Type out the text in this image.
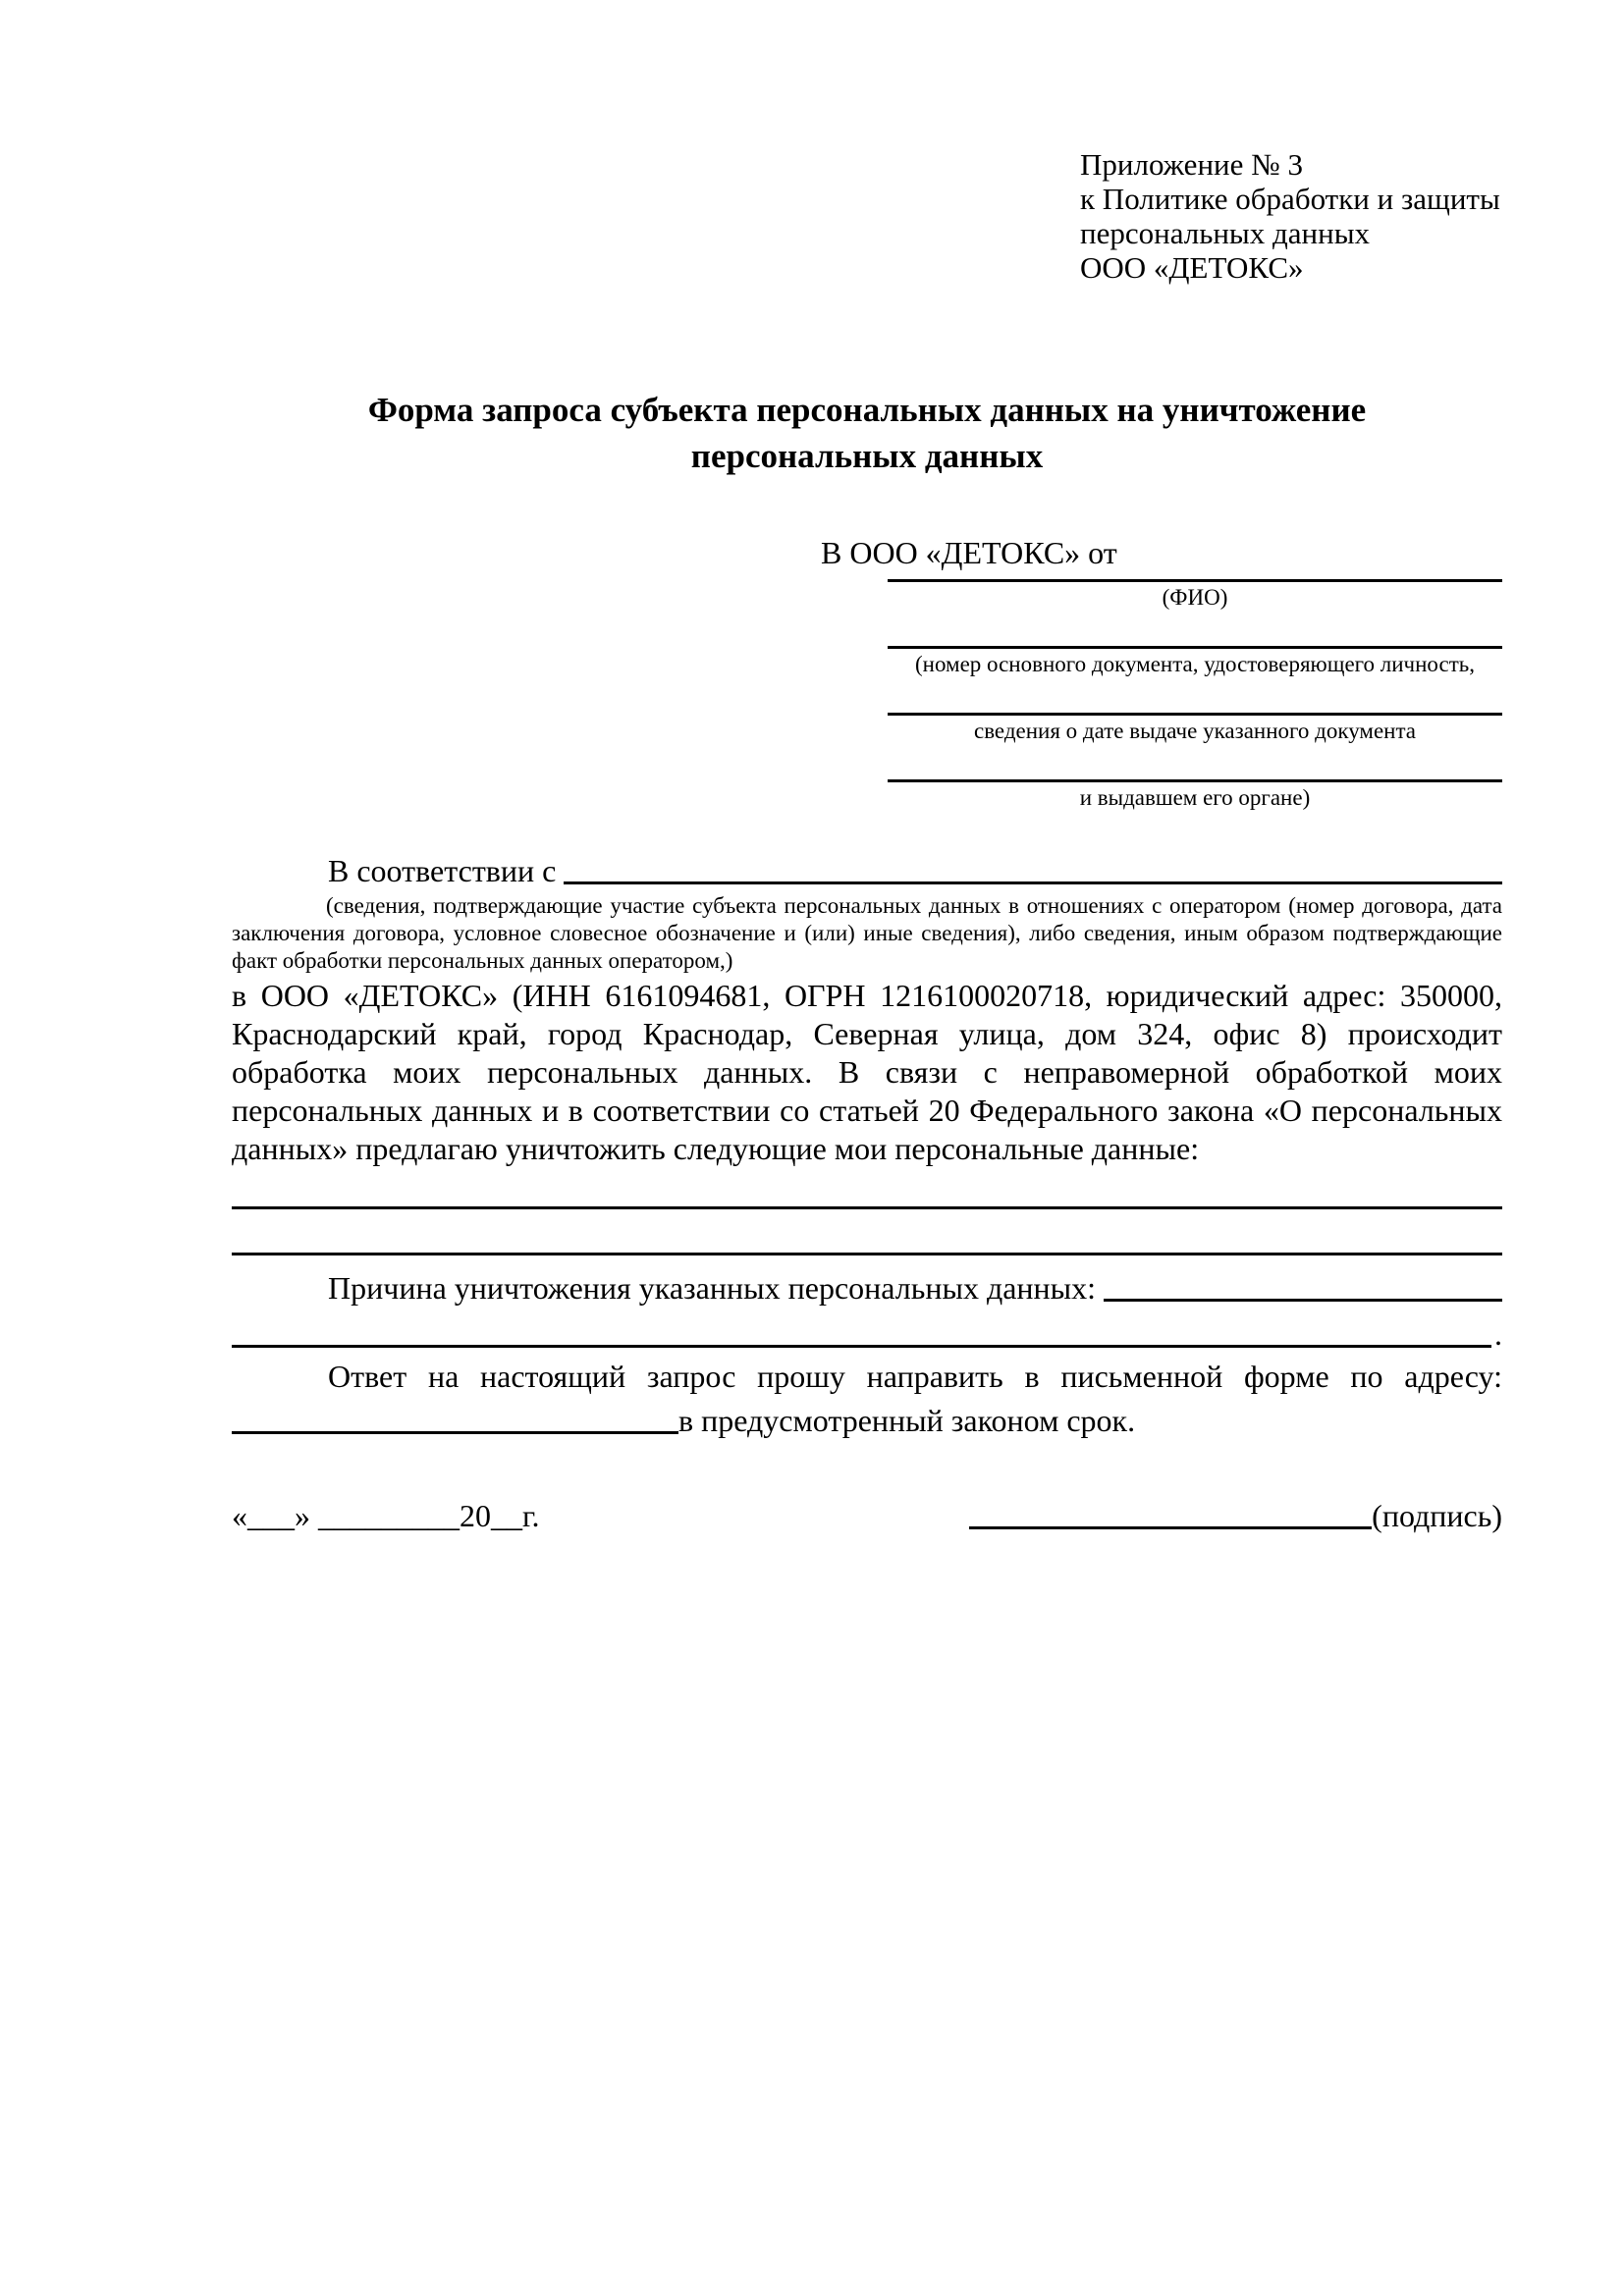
Приложение № 3
к Политике обработки и защиты
персональных данных
ООО «ДЕТОКС»
Форма запроса субъекта персональных данных на уничтожение
персональных данных
В ООО «ДЕТОКС» от
(ФИО)
(номер основного документа, удостоверяющего личность,
сведения о дате выдаче указанного документа
и выдавшем его органе)
В соответствии с
(сведения, подтверждающие участие субъекта персональных данных в отношениях с оператором (номер договора, дата заключения договора, условное словесное обозначение и (или) иные сведения), либо сведения, иным образом подтверждающие факт обработки персональных данных оператором,)
в ООО «ДЕТОКС» (ИНН 6161094681, ОГРН 1216100020718, юридический адрес: 350000, Краснодарский край, город Краснодар, Северная улица, дом 324, офис 8) происходит обработка моих персональных данных. В связи с неправомерной обработкой моих персональных данных и в соответствии со статьей 20 Федерального закона «О персональных данных» предлагаю уничтожить следующие мои персональные данные:
Причина уничтожения указанных персональных данных:
.
Ответ на настоящий запрос прошу направить в письменной форме по адресу:
в предусмотренный законом срок.
«___» _________20__г.	(подпись)
